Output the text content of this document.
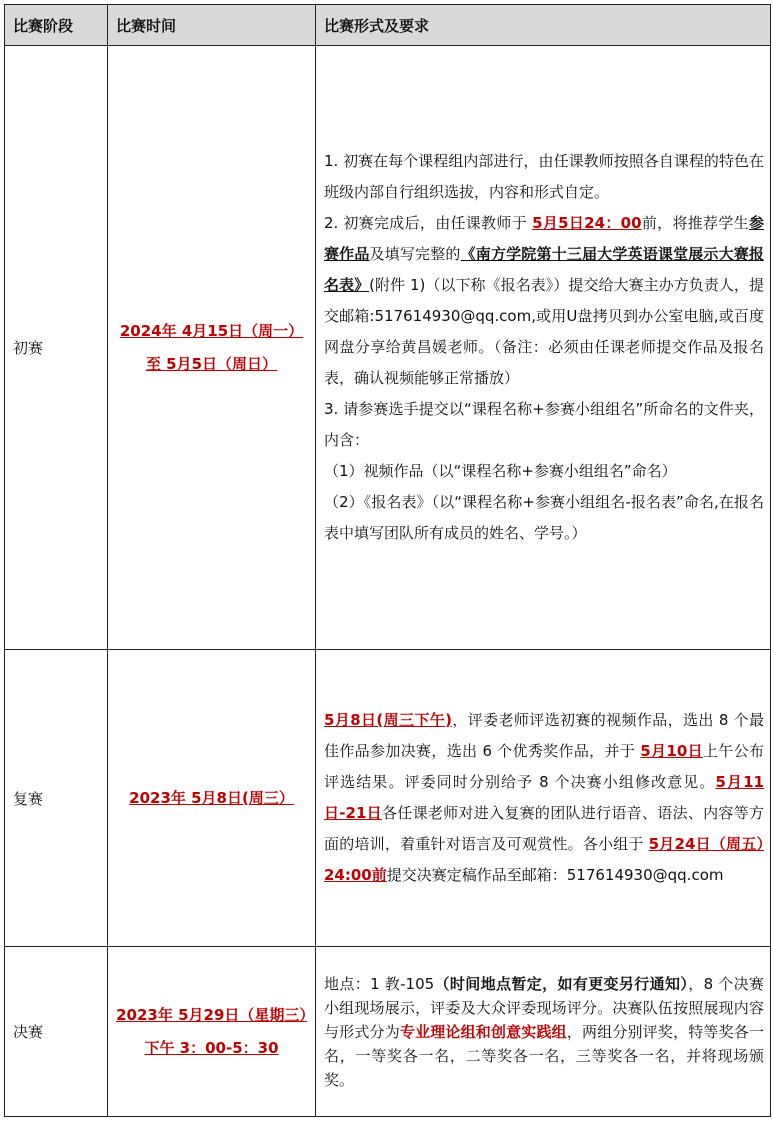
比赛阶段	比赛时间	比赛形式及要求
初赛	2024年 4月15日（周一）至 5月5日（周日）	1. 初赛在每个课程组内部进行，由任课教师按照各自课程的特色在班级内部自行组织选拔，内容和形式自定。

2. 初赛完成后，由任课教师于 5月5日24：00前，将推荐学生参赛作品及填写完整的《南方学院第十三届大学英语课堂展示大赛报名表》(附件 1)（以下称《报名表》）提交给大赛主办方负责人，提交邮箱:517614930@qq.com,或用U盘拷贝到办公室电脑,或百度网盘分享给黄昌媛老师。（备注：必须由任课老师提交作品及报名表，确认视频能够正常播放）

3. 请参赛选手提交以“课程名称+参赛小组组名”所命名的文件夹，内含：

（1）视频作品（以“课程名称+参赛小组组名”命名）

（2）《报名表》（以“课程名称+参赛小组组名-报名表”命名,在报名表中填写团队所有成员的姓名、学号。）

复赛	2023年 5月8日(周三）	5月8日(周三下午)，评委老师评选初赛的视频作品，选出 8 个最佳作品参加决赛，选出 6 个优秀奖作品，并于 5月10日上午公布评选结果。评委同时分别给予 8 个决赛小组修改意见。5月11日-21日各任课老师对进入复赛的团队进行语音、语法、内容等方面的培训，着重针对语言及可观赏性。各小组于 5月24日（周五）24:00前提交决赛定稿作品至邮箱：517614930@qq.com

决赛	2023年 5月29日（星期三）下午 3：00-5：30	地点：1 教-105（时间地点暂定，如有更变另行通知），8 个决赛小组现场展示，评委及大众评委现场评分。决赛队伍按照展现内容与形式分为专业理论组和创意实践组，两组分别评奖，特等奖各一名，一等奖各一名，二等奖各一名，三等奖各一名，并将现场颁奖。
